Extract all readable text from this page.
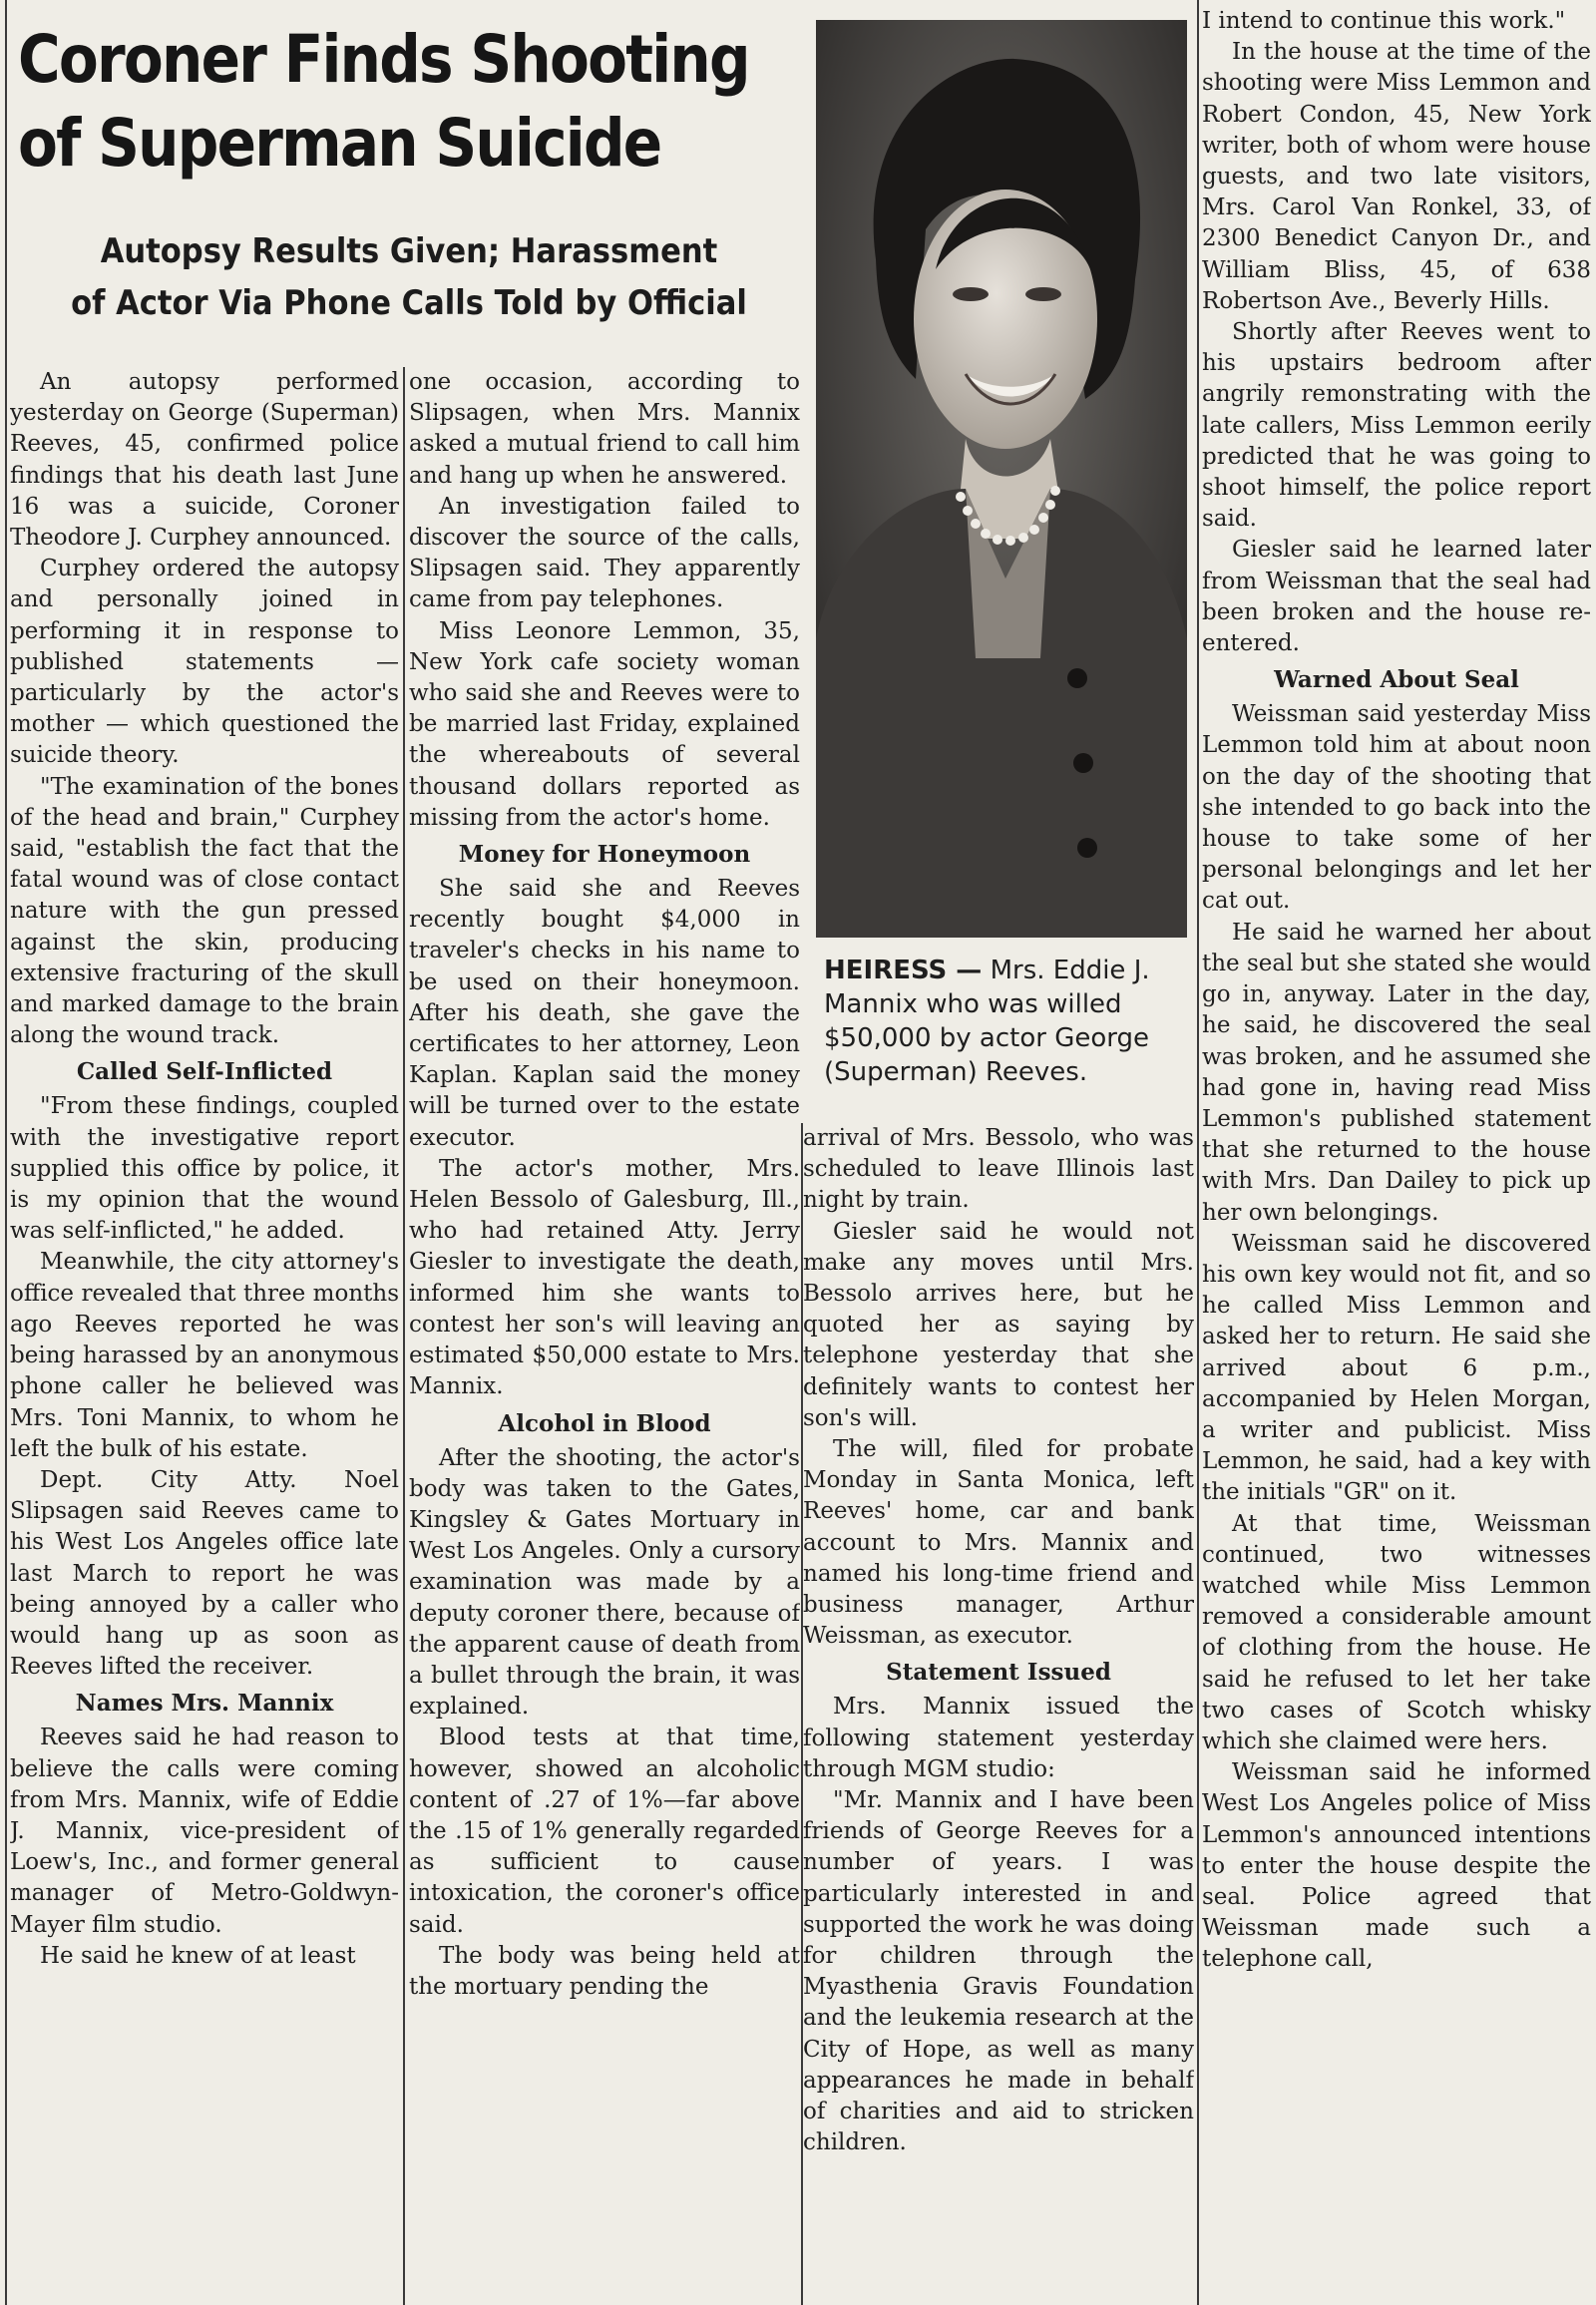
Coroner Finds Shooting
of Superman Suicide
Autopsy Results Given; Harassment
of Actor Via Phone Calls Told by Official

An autopsy performed yesterday on George (Superman) Reeves, 45, confirmed police findings that his death last June 16 was a suicide, Coroner Theodore J. Curphey announced.

Curphey ordered the autopsy and personally joined in performing it in response to published statements — particularly by the actor's mother — which questioned the suicide theory.

"The examination of the bones of the head and brain," Curphey said, "establish the fact that the fatal wound was of close contact nature with the gun pressed against the skin, producing extensive fracturing of the skull and marked damage to the brain along the wound track.

Called Self-Inflicted

"From these findings, coupled with the investigative report supplied this office by police, it is my opinion that the wound was self-inflicted," he added.

Meanwhile, the city attorney's office revealed that three months ago Reeves reported he was being harassed by an anonymous phone caller he believed was Mrs. Toni Mannix, to whom he left the bulk of his estate.

Dept. City Atty. Noel Slipsagen said Reeves came to his West Los Angeles office late last March to report he was being annoyed by a caller who would hang up as soon as Reeves lifted the receiver.

Names Mrs. Mannix

Reeves said he had reason to believe the calls were coming from Mrs. Mannix, wife of Eddie J. Mannix, vice-president of Loew's, Inc., and former general manager of Metro-Goldwyn-Mayer film studio.

He said he knew of at least

one occasion, according to Slipsagen, when Mrs. Mannix asked a mutual friend to call him and hang up when he answered.

An investigation failed to discover the source of the calls, Slipsagen said. They apparently came from pay telephones.

Miss Leonore Lemmon, 35, New York cafe society woman who said she and Reeves were to be married last Friday, explained the whereabouts of several thousand dollars reported as missing from the actor's home.

Money for Honeymoon

She said she and Reeves recently bought $4,000 in traveler's checks in his name to be used on their honeymoon. After his death, she gave the certificates to her attorney, Leon Kaplan. Kaplan said the money will be turned over to the estate executor.

The actor's mother, Mrs. Helen Bessolo of Galesburg, Ill., who had retained Atty. Jerry Giesler to investigate the death, informed him she wants to contest her son's will leaving an estimated $50,000 estate to Mrs. Mannix.

Alcohol in Blood

After the shooting, the actor's body was taken to the Gates, Kingsley & Gates Mortuary in West Los Angeles. Only a cursory examination was made by a deputy coroner there, because of the apparent cause of death from a bullet through the brain, it was explained.

Blood tests at that time, however, showed an alcoholic content of .27 of 1%—far above the .15 of 1% generally regarded as sufficient to cause intoxication, the coroner's office said.

The body was being held at the mortuary pending the

HEIRESS — Mrs. Eddie J. Mannix who was willed $50,000 by actor George (Superman) Reeves.

arrival of Mrs. Bessolo, who was scheduled to leave Illinois last night by train.

Giesler said he would not make any moves until Mrs. Bessolo arrives here, but he quoted her as saying by telephone yesterday that she definitely wants to contest her son's will.

The will, filed for probate Monday in Santa Monica, left Reeves' home, car and bank account to Mrs. Mannix and named his long-time friend and business manager, Arthur Weissman, as executor.

Statement Issued

Mrs. Mannix issued the following statement yesterday through MGM studio:

"Mr. Mannix and I have been friends of George Reeves for a number of years. I was particularly interested in and supported the work he was doing for children through the Myasthenia Gravis Foundation and the leukemia research at the City of Hope, as well as many appearances he made in behalf of charities and aid to stricken children.

I intend to continue this work."

In the house at the time of the shooting were Miss Lemmon and Robert Condon, 45, New York writer, both of whom were house guests, and two late visitors, Mrs. Carol Van Ronkel, 33, of 2300 Benedict Canyon Dr., and William Bliss, 45, of 638 Robertson Ave., Beverly Hills.

Shortly after Reeves went to his upstairs bedroom after angrily remonstrating with the late callers, Miss Lemmon eerily predicted that he was going to shoot himself, the police report said.

Giesler said he learned later from Weissman that the seal had been broken and the house re-entered.

Warned About Seal

Weissman said yesterday Miss Lemmon told him at about noon on the day of the shooting that she intended to go back into the house to take some of her personal belongings and let her cat out.

He said he warned her about the seal but she stated she would go in, anyway. Later in the day, he said, he discovered the seal was broken, and he assumed she had gone in, having read Miss Lemmon's published statement that she returned to the house with Mrs. Dan Dailey to pick up her own belongings.

Weissman said he discovered his own key would not fit, and so he called Miss Lemmon and asked her to return. He said she arrived about 6 p.m., accompanied by Helen Morgan, a writer and publicist. Miss Lemmon, he said, had a key with the initials "GR" on it.

At that time, Weissman continued, two witnesses watched while Miss Lemmon removed a considerable amount of clothing from the house. He said he refused to let her take two cases of Scotch whisky which she claimed were hers.

Weissman said he informed West Los Angeles police of Miss Lemmon's announced intentions to enter the house despite the seal. Police agreed that Weissman made such a telephone call,
